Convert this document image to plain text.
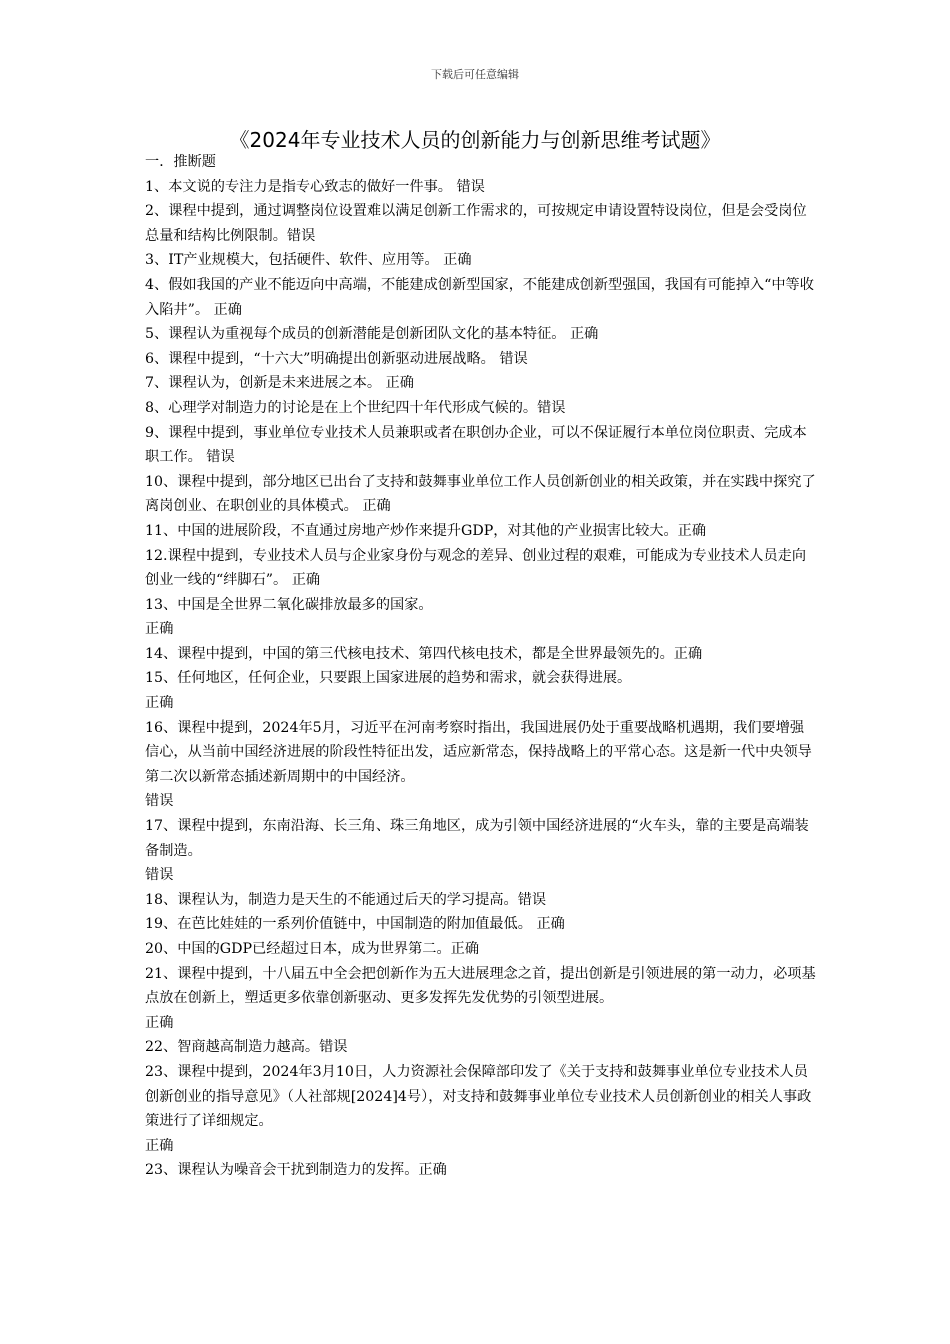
下载后可任意编辑
《2024年专业技术人员的创新能力与创新思维考试题》

一．推断题

1、本文说的专注力是指专心致志的做好一件事。 错误

2、课程中提到，通过调整岗位设置难以满足创新工作需求的，可按规定申请设置特设岗位，但是会受岗位总量和结构比例限制。错误

3、IT产业规模大，包括硬件、软件、应用等。 正确

4、假如我国的产业不能迈向中高端，不能建成创新型国家，不能建成创新型强国，我国有可能掉入“中等收入陷井”。 正确

5、课程认为重视每个成员的创新潜能是创新团队文化的基本特征。 正确

6、课程中提到，“十六大”明确提出创新驱动进展战略。 错误

7、课程认为，创新是未来进展之本。 正确

8、心理学对制造力的讨论是在上个世纪四十年代形成气候的。错误

9、课程中提到，事业单位专业技术人员兼职或者在职创办企业，可以不保证履行本单位岗位职责、完成本职工作。 错误

10、课程中提到，部分地区已出台了支持和鼓舞事业单位工作人员创新创业的相关政策，并在实践中探究了离岗创业、在职创业的具体模式。 正确

11、中国的进展阶段，不直通过房地产炒作来提升GDP，对其他的产业损害比较大。正确

12.课程中提到，专业技术人员与企业家身份与观念的差异、创业过程的艰难，可能成为专业技术人员走向创业一线的“绊脚石”。 正确

13、中国是全世界二氧化碳排放最多的国家。

正确

14、课程中提到，中国的第三代核电技术、第四代核电技术，都是全世界最领先的。正确

15、任何地区，任何企业，只要跟上国家进展的趋势和需求，就会获得进展。

正确

16、课程中提到，2024年5月，习近平在河南考察时指出，我国进展仍处于重要战略机遇期，我们要增强信心，从当前中国经济进展的阶段性特征出发，适应新常态，保持战略上的平常心态。这是新一代中央领导第二次以新常态插述新周期中的中国经济。

错误

17、课程中提到，东南沿海、长三角、珠三角地区，成为引领中国经济进展的“火车头，靠的主要是高端装备制造。

错误

18、课程认为，制造力是天生的不能通过后天的学习提高。错误

19、在芭比娃娃的一系列价值链中，中国制造的附加值最低。 正确

20、中国的GDP已经超过日本，成为世界第二。正确

21、课程中提到，十八届五中全会把创新作为五大进展理念之首，提出创新是引领进展的第一动力，必项基点放在创新上，塑适更多依靠创新驱动、更多发挥先发优势的引领型进展。

正确

22、智商越高制造力越高。错误

23、课程中提到，2024年3月10日，人力资源社会保障部印发了《关于支持和鼓舞事业单位专业技术人员创新创业的指导意见》（人社部规[2024]4号），对支持和鼓舞事业单位专业技术人员创新创业的相关人事政策进行了详细规定。

正确

23、课程认为噪音会干扰到制造力的发挥。正确
